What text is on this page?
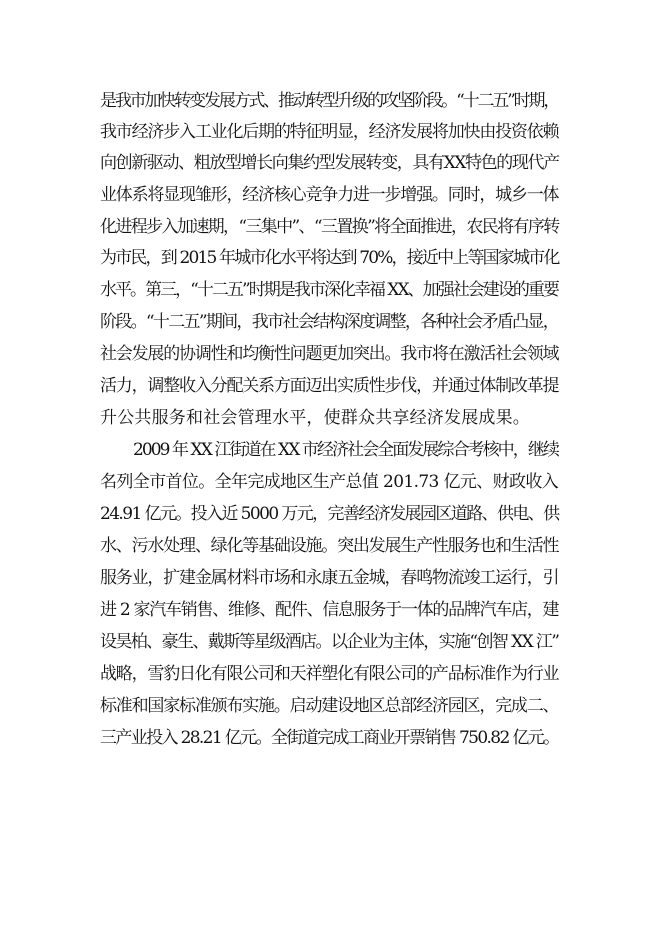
是我市加快转变发展方式、推动转型升级的攻坚阶段。“十二五”时期，
我市经济步入工业化后期的特征明显，经济发展将加快由投资依赖
向创新驱动、粗放型增长向集约型发展转变，具有XX特色的现代产
业体系将显现雏形，经济核心竞争力进一步增强。同时，城乡一体
化进程步入加速期，“三集中”、“三置换”将全面推进，农民将有序转
为市民，到 2015 年城市化水平将达到 70%，接近中上等国家城市化
水平。第三，“十二五”时期是我市深化幸福 XX、加强社会建设的重要
阶段。“十二五”期间，我市社会结构深度调整，各种社会矛盾凸显，
社会发展的协调性和均衡性问题更加突出。我市将在激活社会领域
活力，调整收入分配关系方面迈出实质性步伐，并通过体制改革提
升公共服务和社会管理水平，使群众共享经济发展成果。
2009 年 XX 江街道在 XX 市经济社会全面发展综合考核中，继续
名列全市首位。全年完成地区生产总值 201.73 亿元、财政收入
24.91 亿元。投入近 5000 万元，完善经济发展园区道路、供电、供
水、污水处理、绿化等基础设施。突出发展生产性服务也和生活性
服务业，扩建金属材料市场和永康五金城，春鸣物流竣工运行，引
进 2 家汽车销售、维修、配件、信息服务于一体的品牌汽车店，建
设昊柏、豪生、戴斯等星级酒店。以企业为主体，实施“创智 XX 江”
战略，雪豹日化有限公司和天祥塑化有限公司的产品标准作为行业
标准和国家标准颁布实施。启动建设地区总部经济园区，完成二、
三产业投入 28.21 亿元。全街道完成工商业开票销售 750.82 亿元。
